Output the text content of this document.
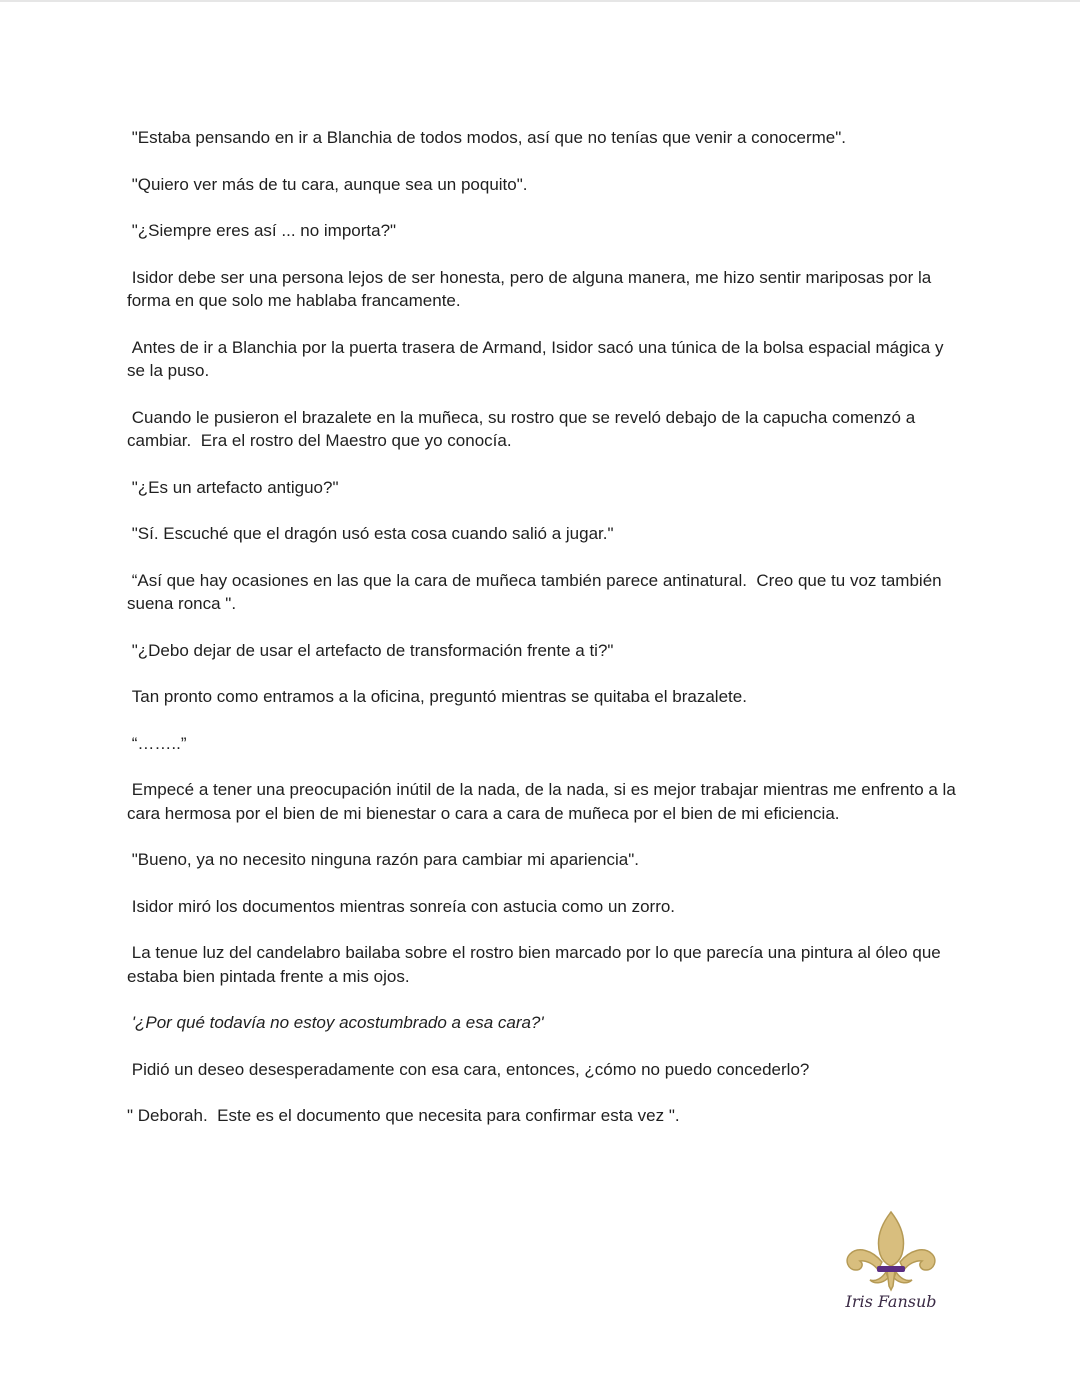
"Estaba pensando en ir a Blanchia de todos modos, así que no tenías que venir a conocerme".

"Quiero ver más de tu cara, aunque sea un poquito".

"¿Siempre eres así ... no importa?"

Isidor debe ser una persona lejos de ser honesta, pero de alguna manera, me hizo sentir mariposas por la forma en que solo me hablaba francamente.

Antes de ir a Blanchia por la puerta trasera de Armand, Isidor sacó una túnica de la bolsa espacial mágica y se la puso.

Cuando le pusieron el brazalete en la muñeca, su rostro que se reveló debajo de la capucha comenzó a cambiar.  Era el rostro del Maestro que yo conocía.

"¿Es un artefacto antiguo?"

"Sí. Escuché que el dragón usó esta cosa cuando salió a jugar."

“Así que hay ocasiones en las que la cara de muñeca también parece antinatural.  Creo que tu voz también suena ronca ".

"¿Debo dejar de usar el artefacto de transformación frente a ti?"

Tan pronto como entramos a la oficina, preguntó mientras se quitaba el brazalete.

“……..”

Empecé a tener una preocupación inútil de la nada, de la nada, si es mejor trabajar mientras me enfrento a la cara hermosa por el bien de mi bienestar o cara a cara de muñeca por el bien de mi eficiencia.

"Bueno, ya no necesito ninguna razón para cambiar mi apariencia".

Isidor miró los documentos mientras sonreía con astucia como un zorro.

La tenue luz del candelabro bailaba sobre el rostro bien marcado por lo que parecía una pintura al óleo que estaba bien pintada frente a mis ojos.

'¿Por qué todavía no estoy acostumbrado a esa cara?'

Pidió un deseo desesperadamente con esa cara, entonces, ¿cómo no puedo concederlo?

" Deborah.  Este es el documento que necesita para confirmar esta vez ".

Iris Fansub
